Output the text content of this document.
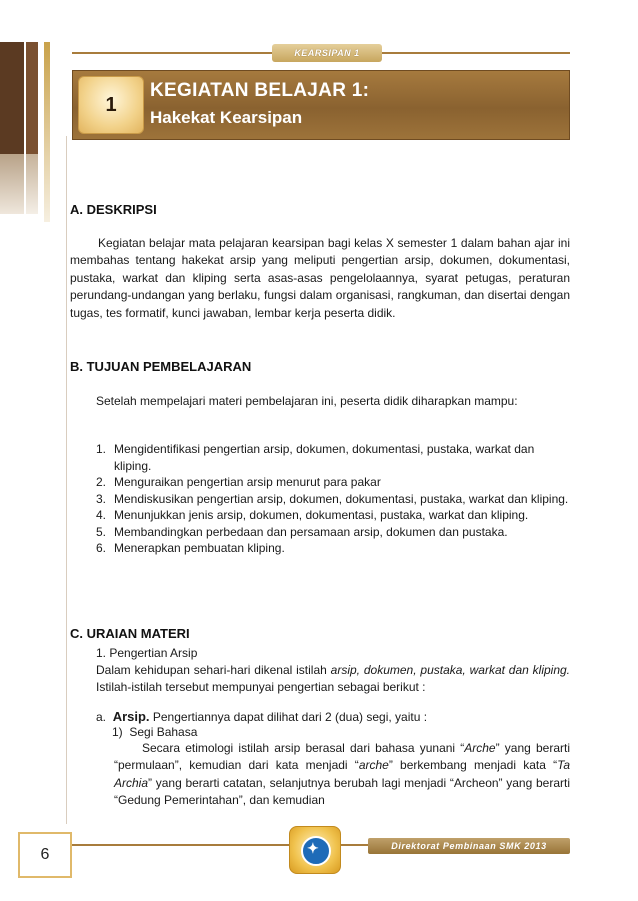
KEARSIPAN 1
1
KEGIATAN BELAJAR 1:
Hakekat Kearsipan
A. DESKRIPSI
Kegiatan belajar mata pelajaran kearsipan bagi kelas X semester 1 dalam bahan ajar ini membahas tentang hakekat arsip yang meliputi pengertian arsip, dokumen, dokumentasi, pustaka, warkat dan kliping serta asas-asas pengelolaannya, syarat petugas, peraturan perundang-undangan yang berlaku, fungsi dalam organisasi, rangkuman, dan disertai dengan tugas, tes formatif, kunci jawaban, lembar kerja peserta didik.
B. TUJUAN PEMBELAJARAN
Setelah mempelajari materi pembelajaran ini, peserta didik diharapkan mampu:
1. Mengidentifikasi pengertian arsip, dokumen, dokumentasi, pustaka, warkat dan kliping.
2. Menguraikan pengertian arsip menurut para pakar
3. Mendiskusikan pengertian arsip, dokumen, dokumentasi, pustaka, warkat dan kliping.
4. Menunjukkan jenis arsip, dokumen, dokumentasi, pustaka, warkat dan kliping.
5. Membandingkan perbedaan dan persamaan arsip, dokumen dan pustaka.
6. Menerapkan pembuatan kliping.
C. URAIAN MATERI
1. Pengertian Arsip
Dalam kehidupan sehari-hari dikenal istilah arsip, dokumen, pustaka, warkat dan kliping. Istilah-istilah tersebut mempunyai pengertian sebagai berikut :
a. Arsip. Pengertiannya dapat dilihat dari 2 (dua) segi, yaitu :
1) Segi Bahasa
Secara etimologi istilah arsip berasal dari bahasa yunani “Arche” yang berarti “permulaan”, kemudian dari kata menjadi “arche” berkembang menjadi kata “Ta Archia” yang berarti catatan, selanjutnya berubah lagi menjadi “Archeon” yang berarti “Gedung Pemerintahan”, dan kemudian
Direktorat Pembinaan SMK 2013
6	✦
